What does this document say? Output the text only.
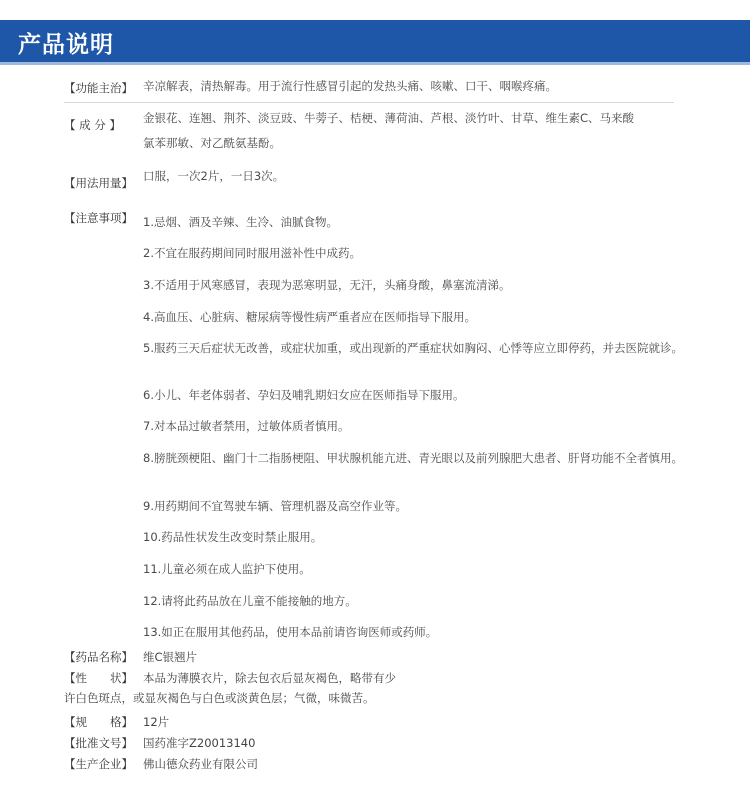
产品说明
【功能主治】 辛凉解表，清热解毒。用于流行性感冒引起的发热头痛、咳嗽、口干、咽喉疼痛。
【 成 分 】 金银花、连翘、荆芥、淡豆豉、牛蒡子、桔梗、薄荷油、芦根、淡竹叶、甘草、维生素C、马来酸
氯苯那敏、对乙酰氨基酚。
【用法用量】 口服，一次2片，一日3次。
【注意事项】 1.忌烟、酒及辛辣、生冷、油腻食物。
2.不宜在服药期间同时服用滋补性中成药。
3.不适用于风寒感冒，表现为恶寒明显，无汗，头痛身酸，鼻塞流清涕。
4.高血压、心脏病、糖尿病等慢性病严重者应在医师指导下服用。
5.服药三天后症状无改善，或症状加重，或出现新的严重症状如胸闷、心悸等应立即停药，并去医院就诊。
6.小儿、年老体弱者、孕妇及哺乳期妇女应在医师指导下服用。
7.对本品过敏者禁用，过敏体质者慎用。
8.膀胱颈梗阻、幽门十二指肠梗阻、甲状腺机能亢进、青光眼以及前列腺肥大患者、肝肾功能不全者慎用。
9.用药期间不宜驾驶车辆、管理机器及高空作业等。
10.药品性状发生改变时禁止服用。
11.儿童必须在成人监护下使用。
12.请将此药品放在儿童不能接触的地方。
13.如正在服用其他药品，使用本品前请咨询医师或药师。
【药品名称】 维C银翘片
【性　　状】 本品为薄膜衣片，除去包衣后显灰褐色，略带有少
许白色斑点，或显灰褐色与白色或淡黄色层；气微，味微苦。
【规　　格】 12片
【批准文号】 国药准字Z20013140
【生产企业】 佛山德众药业有限公司
